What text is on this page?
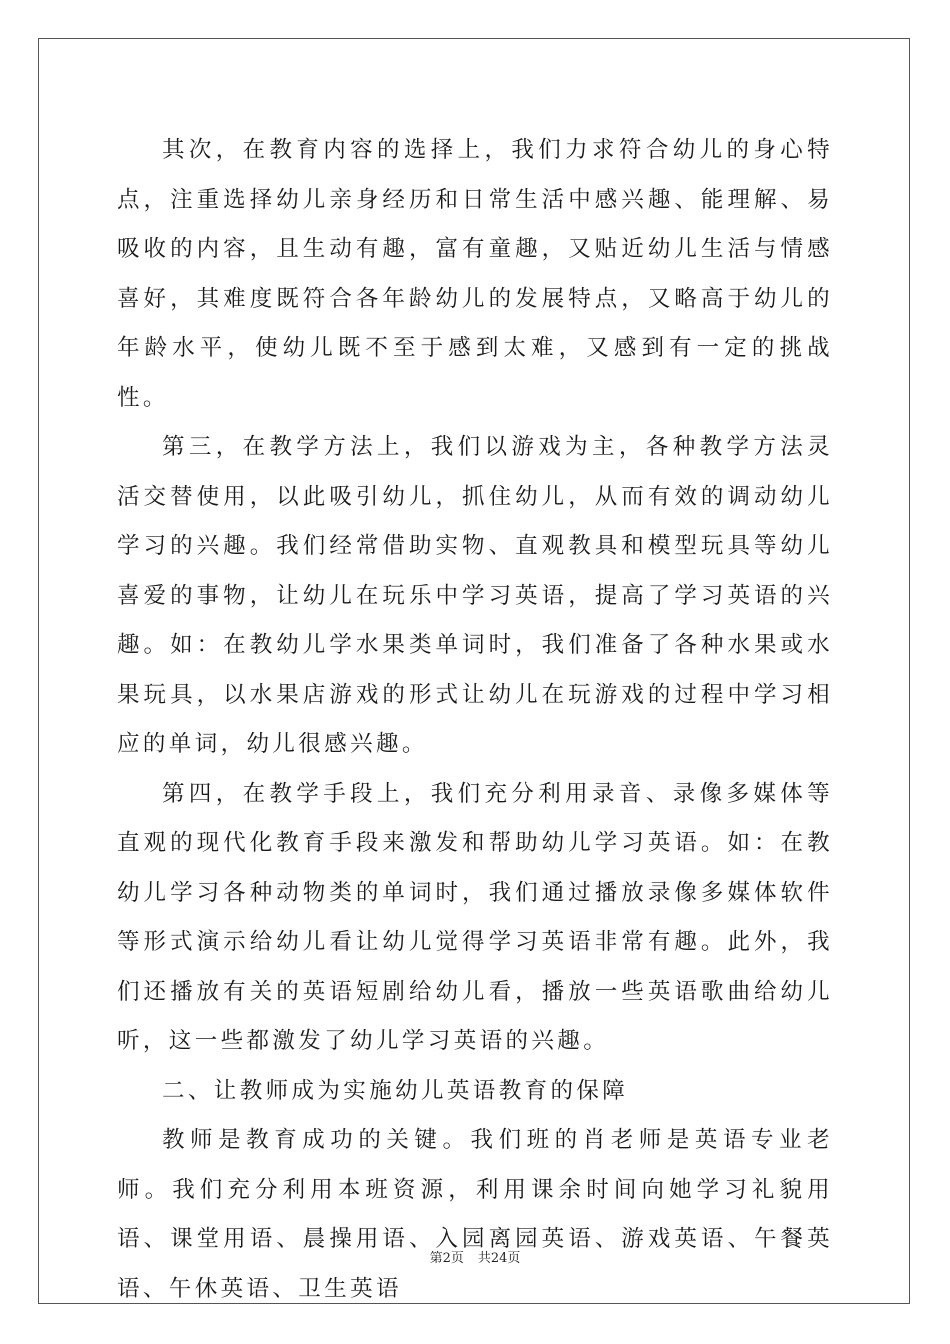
其次，在教育内容的选择上，我们力求符合幼儿的身心特点，注重选择幼儿亲身经历和日常生活中感兴趣、能理解、易吸收的内容，且生动有趣，富有童趣，又贴近幼儿生活与情感喜好，其难度既符合各年龄幼儿的发展特点，又略高于幼儿的年龄水平，使幼儿既不至于感到太难，又感到有一定的挑战性。

第三，在教学方法上，我们以游戏为主，各种教学方法灵活交替使用，以此吸引幼儿，抓住幼儿，从而有效的调动幼儿学习的兴趣。我们经常借助实物、直观教具和模型玩具等幼儿喜爱的事物，让幼儿在玩乐中学习英语，提高了学习英语的兴趣。如：在教幼儿学水果类单词时，我们准备了各种水果或水果玩具，以水果店游戏的形式让幼儿在玩游戏的过程中学习相应的单词，幼儿很感兴趣。

第四，在教学手段上，我们充分利用录音、录像多媒体等直观的现代化教育手段来激发和帮助幼儿学习英语。如：在教幼儿学习各种动物类的单词时，我们通过播放录像多媒体软件等形式演示给幼儿看让幼儿觉得学习英语非常有趣。此外，我们还播放有关的英语短剧给幼儿看，播放一些英语歌曲给幼儿听，这一些都激发了幼儿学习英语的兴趣。

二、让教师成为实施幼儿英语教育的保障

教师是教育成功的关键。我们班的肖老师是英语专业老师。我们充分利用本班资源，利用课余时间向她学习礼貌用语、课堂用语、晨操用语、入园离园英语、游戏英语、午餐英语、午休英语、卫生英语

第2页 共24页
